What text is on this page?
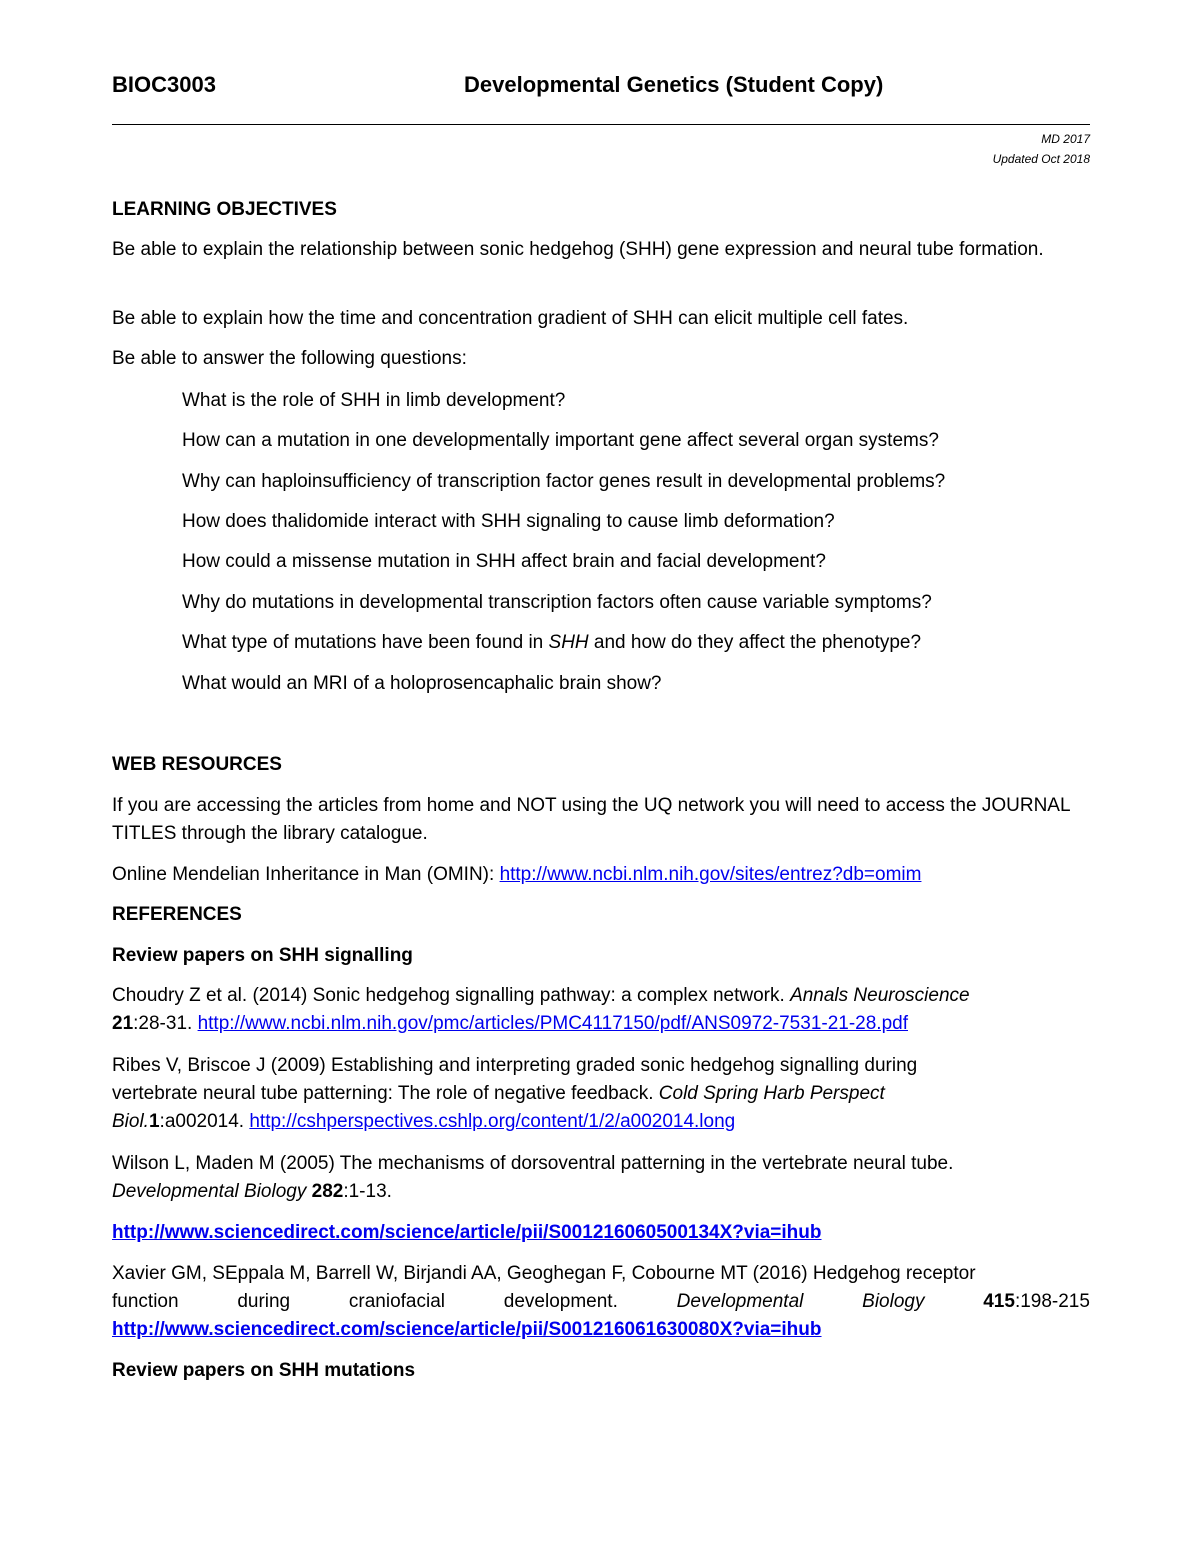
BIOC3003	Developmental Genetics (Student Copy)
MD 2017
Updated Oct 2018
LEARNING OBJECTIVES
Be able to explain the relationship between sonic hedgehog (SHH) gene expression and neural tube formation.
Be able to explain how the time and concentration gradient of SHH can elicit multiple cell fates.
Be able to answer the following questions:
What is the role of SHH in limb development?
How can a mutation in one developmentally important gene affect several organ systems?
Why can haploinsufficiency of transcription factor genes result in developmental problems?
How does thalidomide interact with SHH signaling to cause limb deformation?
How could a missense mutation in SHH affect brain and facial development?
Why do mutations in developmental transcription factors often cause variable symptoms?
What type of mutations have been found in SHH and how do they affect the phenotype?
What would an MRI of a holoprosencaphalic brain show?
WEB RESOURCES
If you are accessing the articles from home and NOT using the UQ network you will need to access the JOURNAL TITLES through the library catalogue.
Online Mendelian Inheritance in Man (OMIN): http://www.ncbi.nlm.nih.gov/sites/entrez?db=omim
REFERENCES
Review papers on SHH signalling
Choudry Z et al. (2014) Sonic hedgehog signalling pathway: a complex network. Annals Neuroscience
21:28-31. http://www.ncbi.nlm.nih.gov/pmc/articles/PMC4117150/pdf/ANS0972-7531-21-28.pdf
Ribes V, Briscoe J (2009) Establishing and interpreting graded sonic hedgehog signalling during
vertebrate neural tube patterning: The role of negative feedback. Cold Spring Harb Perspect
Biol.1:a002014. http://cshperspectives.cshlp.org/content/1/2/a002014.long
Wilson L, Maden M (2005) The mechanisms of dorsoventral patterning in the vertebrate neural tube.
Developmental Biology 282:1-13.
http://www.sciencedirect.com/science/article/pii/S001216060500134X?via=ihub
Xavier GM, SEppala M, Barrell W, Birjandi AA, Geoghegan F, Cobourne MT (2016) Hedgehog receptor
function	during	craniofacial	development.	Developmental	Biology	415:198-215
http://www.sciencedirect.com/science/article/pii/S001216061630080X?via=ihub
Review papers on SHH mutations
